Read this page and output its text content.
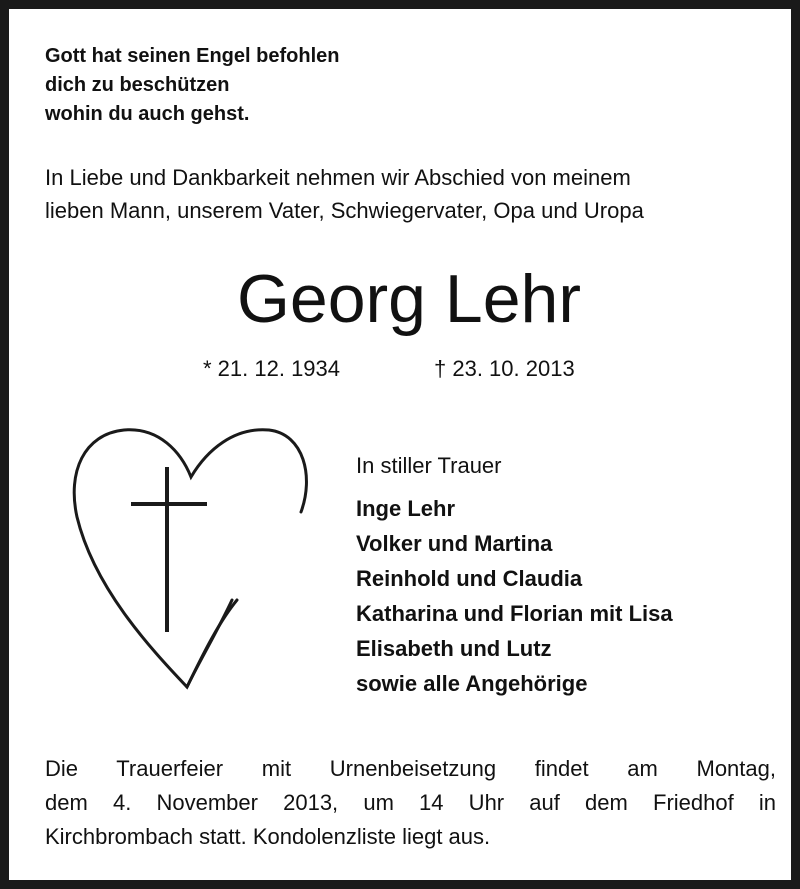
Gott hat seinen Engel befohlen
dich zu beschützen
wohin du auch gehst.
In Liebe und Dankbarkeit nehmen wir Abschied von meinem
lieben Mann, unserem Vater, Schwiegervater, Opa und Uropa
Georg Lehr
* 21. 12. 1934	† 23. 10. 2013
In stiller Trauer
Inge Lehr
Volker und Martina
Reinhold und Claudia
Katharina und Florian mit Lisa
Elisabeth und Lutz
sowie alle Angehörige
Die Trauerfeier mit Urnenbeisetzung findet am Montag,
dem 4. November 2013, um 14 Uhr auf dem Friedhof in
Kirchbrombach statt. Kondolenzliste liegt aus.
